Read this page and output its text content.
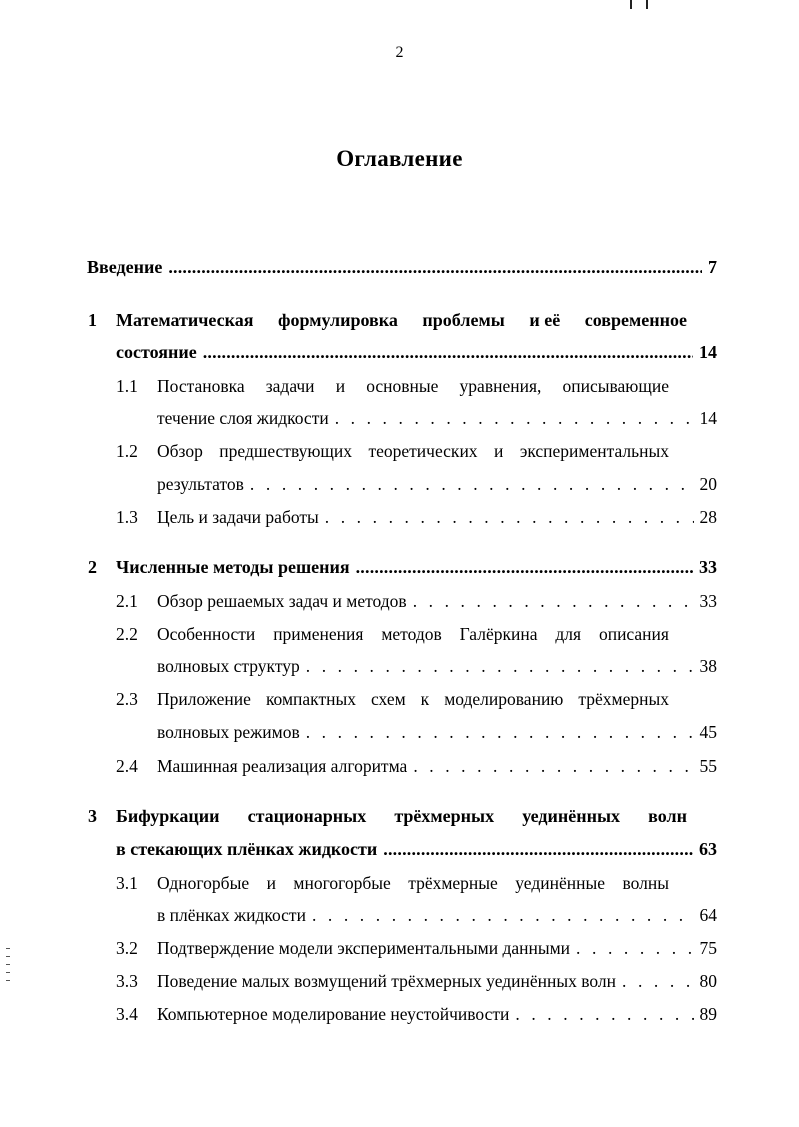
2
Оглавление
Введение .....	7
1 Математическая формулировка проблемы и её современное
состояние .....	14
1.1 Постановка задачи и основные уравнения, описывающие
течение слоя жидкости . . .	14
1.2 Обзор предшествующих теоретических и экспериментальных
результатов . . .	20
1.3 Цель и задачи работы . . .	28
2 Численные методы решения .....	33
2.1 Обзор решаемых задач и методов . . .	33
2.2 Особенности применения методов Галёркина для описания
волновых структур . . .	38
2.3 Приложение компактных схем к моделированию трёхмерных
волновых режимов . . .	45
2.4 Машинная реализация алгоритма . . .	55
3 Бифуркации стационарных трёхмерных уединённых волн
в стекающих плёнках жидкости .....	63
3.1 Одногорбые и многогорбые трёхмерные уединённые волны
в плёнках жидкости . . .	64
3.2 Подтверждение модели экспериментальными данными . . .	75
3.3 Поведение малых возмущений трёхмерных уединённых волн . . .	80
3.4 Компьютерное моделирование неустойчивости . . .	89
